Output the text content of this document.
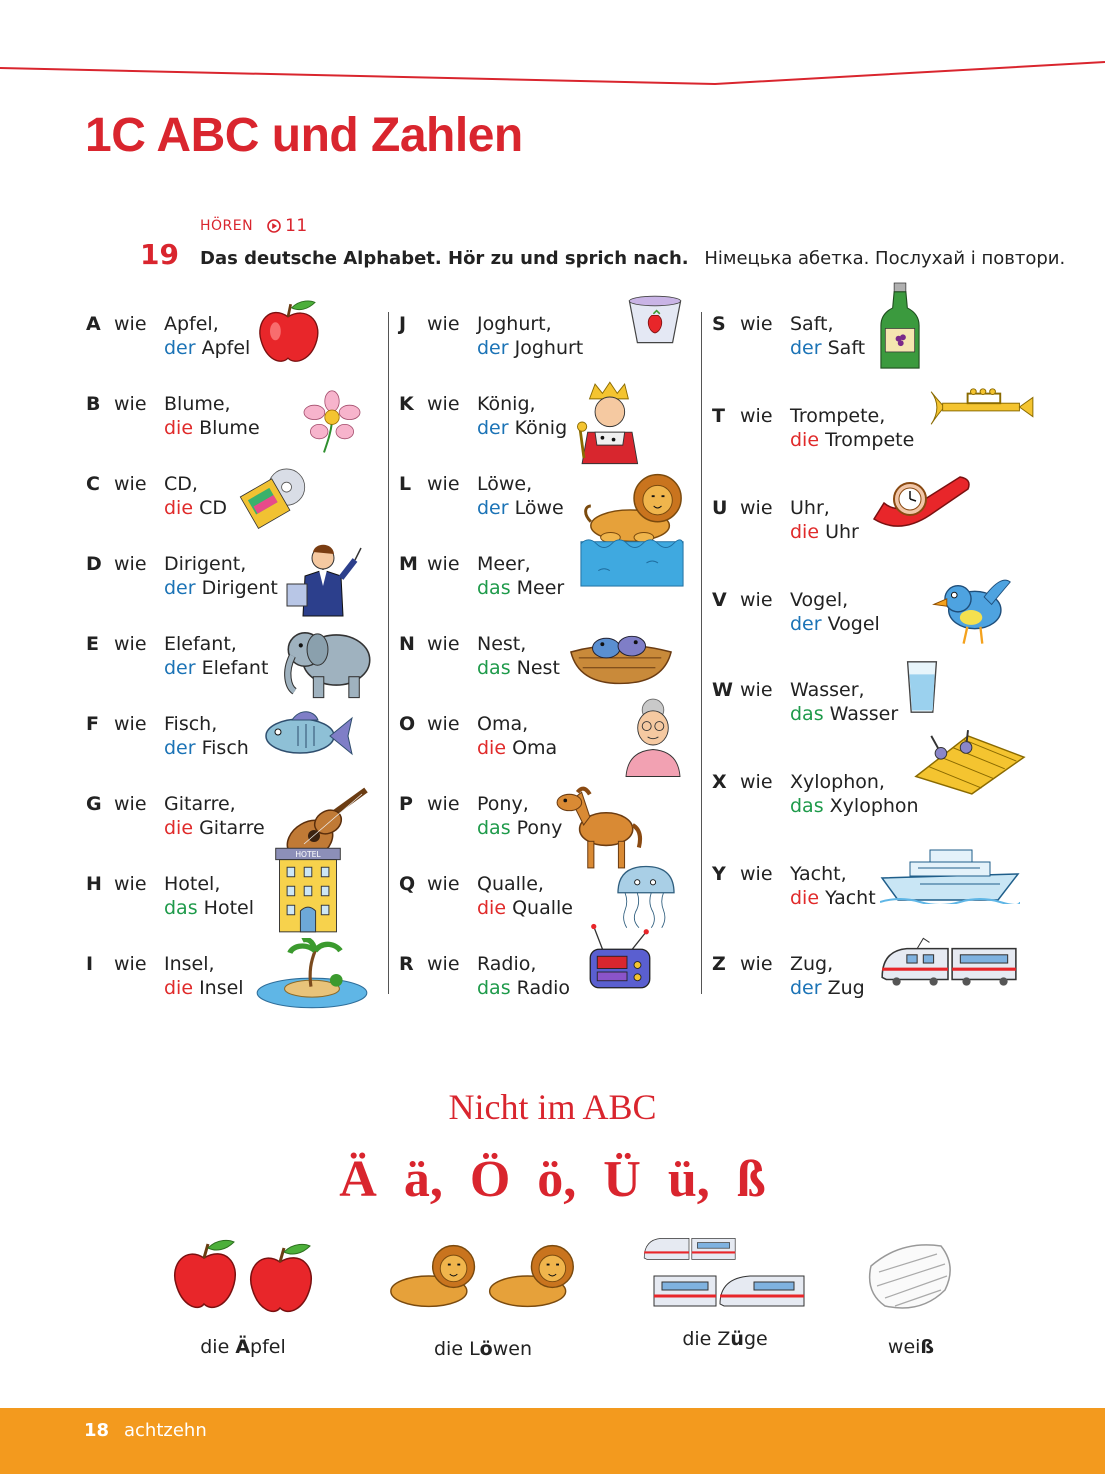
1C ABC und Zahlen
HÖREN 11
19 Das deutsche Alphabet. Hör zu und sprich nach. Німецька абетка. Послухай і повтори.
A wie Apfel,
der Apfel
B wie Blume,
die Blume
C wie CD,
die CD
D wie Dirigent,
der Dirigent
E wie Elefant,
der Elefant
F wie Fisch,
der Fisch
G wie Gitarre,
die Gitarre
H wie Hotel,
das Hotel
HOTEL
I wie Insel,
die Insel
J wie Joghurt,
der Joghurt
K wie König,
der König
L wie Löwe,
der Löwe
M wie Meer,
das Meer
N wie Nest,
das Nest
O wie Oma,
die Oma
P wie Pony,
das Pony
Q wie Qualle,
die Qualle
R wie Radio,
das Radio
S wie Saft,
der Saft
T wie Trompete,
die Trompete
U wie Uhr,
die Uhr
V wie Vogel,
der Vogel
W wie Wasser,
das Wasser
X wie Xylophon,
das Xylophon
Y wie Yacht,
die Yacht
Z wie Zug,
der Zug
Nicht im ABC
Ä ä, Ö ö, Ü ü, ß
die Äpfel	die Löwen	die Züge	weiß
18 achtzehn
